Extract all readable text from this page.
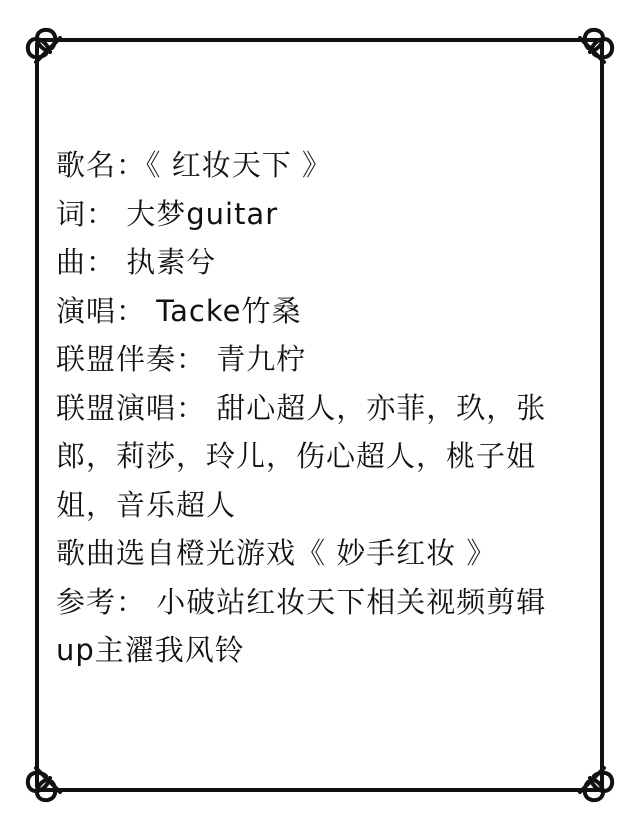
歌名：《 红妆天下 》
词： 大梦guitar
曲： 执素兮
演唱： Tacke竹桑
联盟伴奏： 青九柠
联盟演唱： 甜心超人，亦菲，玖，张
郎，莉莎，玲儿，伤心超人，桃子姐
姐，音乐超人
歌曲选自橙光游戏《 妙手红妆 》
参考： 小破站红妆天下相关视频剪辑
up主濯我风铃
